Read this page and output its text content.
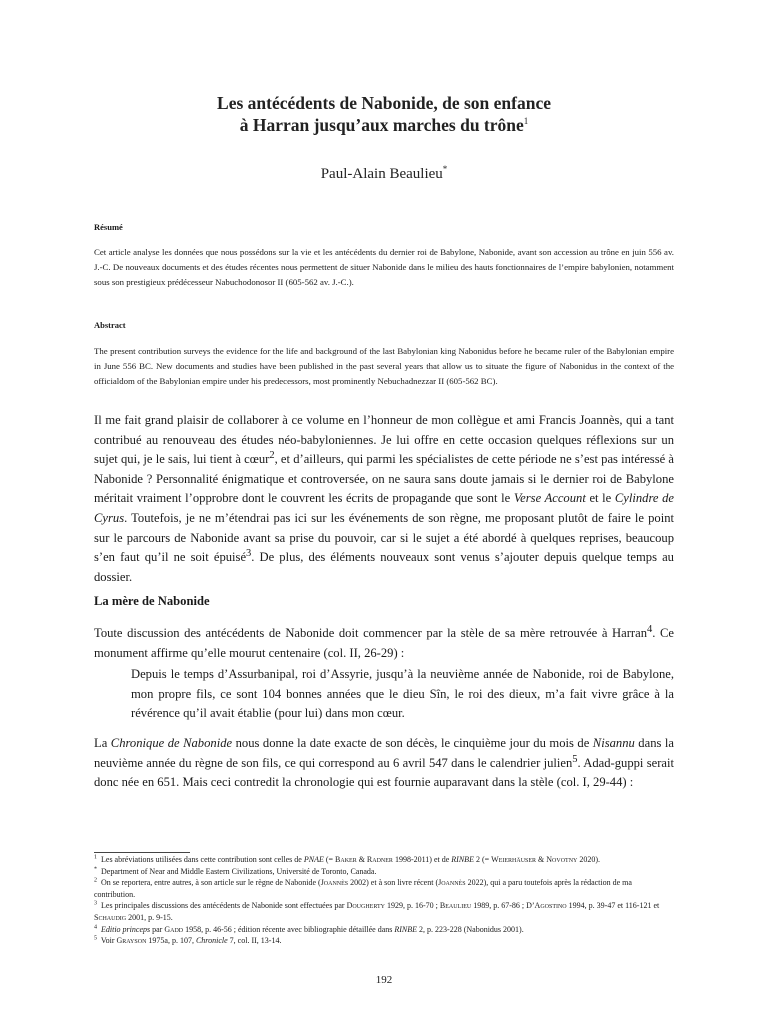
Les antécédents de Nabonide, de son enfance
à Harran jusqu’aux marches du trône$^1$
Paul-Alain Beaulieu*
Résumé

Cet article analyse les données que nous possédons sur la vie et les antécédents du dernier roi de Babylone, Nabonide, avant son accession au trône en juin 556 av. J.-C. De nouveaux documents et des études récentes nous permettent de situer Nabonide dans le milieu des hauts fonctionnaires de l’empire babylonien, notamment sous son prestigieux prédécesseur Nabuchodonosor II (605-562 av. J.-C.).

Abstract

The present contribution surveys the evidence for the life and background of the last Babylonian king Nabonidus before he became ruler of the Babylonian empire in June 556 BC. New documents and studies have been published in the past several years that allow us to situate the figure of Nabonidus in the context of the officialdom of the Babylonian empire under his predecessors, most prominently Nebuchadnezzar II (605-562 BC).

Il me fait grand plaisir de collaborer à ce volume en l’honneur de mon collègue et ami Francis Joannès, qui a tant contribué au renouveau des études néo-babyloniennes. Je lui offre en cette occasion quelques réflexions sur un sujet qui, je le sais, lui tient à cœur$^2$, et d’ailleurs, qui parmi les spécialistes de cette période ne s’est pas intéressé à Nabonide ? Personnalité énigmatique et controversée, on ne saura sans doute jamais si le dernier roi de Babylone méritait vraiment l’opprobre dont le couvrent les écrits de propagande que sont le Verse Account et le Cylindre de Cyrus. Toutefois, je ne m’étendrai pas ici sur les événements de son règne, me proposant plutôt de faire le point sur le parcours de Nabonide avant sa prise du pouvoir, car si le sujet a été abordé à quelques reprises, beaucoup s’en faut qu’il ne soit épuisé$^3$. De plus, des éléments nouveaux sont venus s’ajouter depuis quelque temps au dossier.

La mère de Nabonide

Toute discussion des antécédents de Nabonide doit commencer par la stèle de sa mère retrouvée à Harran$^4$. Ce monument affirme qu’elle mourut centenaire (col. II, 26-29) :

Depuis le temps d’Assurbanipal, roi d’Assyrie, jusqu’à la neuvième année de Nabonide, roi de Babylone, mon propre fils, ce sont 104 bonnes années que le dieu Sîn, le roi des dieux, m’a fait vivre grâce à la révérence qu’il avait établie (pour lui) dans mon cœur.

La Chronique de Nabonide nous donne la date exacte de son décès, le cinquième jour du mois de Nisannu dans la neuvième année du règne de son fils, ce qui correspond au 6 avril 547 dans le calendrier julien$^5$. Adad-guppi serait donc née en 651. Mais ceci contredit la chronologie qui est fournie auparavant dans la stèle (col. I, 29-44) :

$^1$ Les abréviations utilisées dans cette contribution sont celles de PNAE (= Baker & Radner 1998-2011) et de RINBE 2 (= Weierhäuser & Novotny 2020).

* Department of Near and Middle Eastern Civilizations, Université de Toronto, Canada.

$^2$ On se reportera, entre autres, à son article sur le règne de Nabonide (Joannès 2002) et à son livre récent (Joannès 2022), qui a paru toutefois après la rédaction de ma contribution.

$^3$ Les principales discussions des antécédents de Nabonide sont effectuées par Dougherty 1929, p. 16-70 ; Beaulieu 1989, p. 67-86 ; D’Agostino 1994, p. 39-47 et 116-121 et Schaudig 2001, p. 9-15.

$^4$ Editio princeps par Gadd 1958, p. 46-56 ; édition récente avec bibliographie détaillée dans RINBE 2, p. 223-228 (Nabonidus 2001).

$^5$ Voir Grayson 1975a, p. 107, Chronicle 7, col. II, 13-14.

192
